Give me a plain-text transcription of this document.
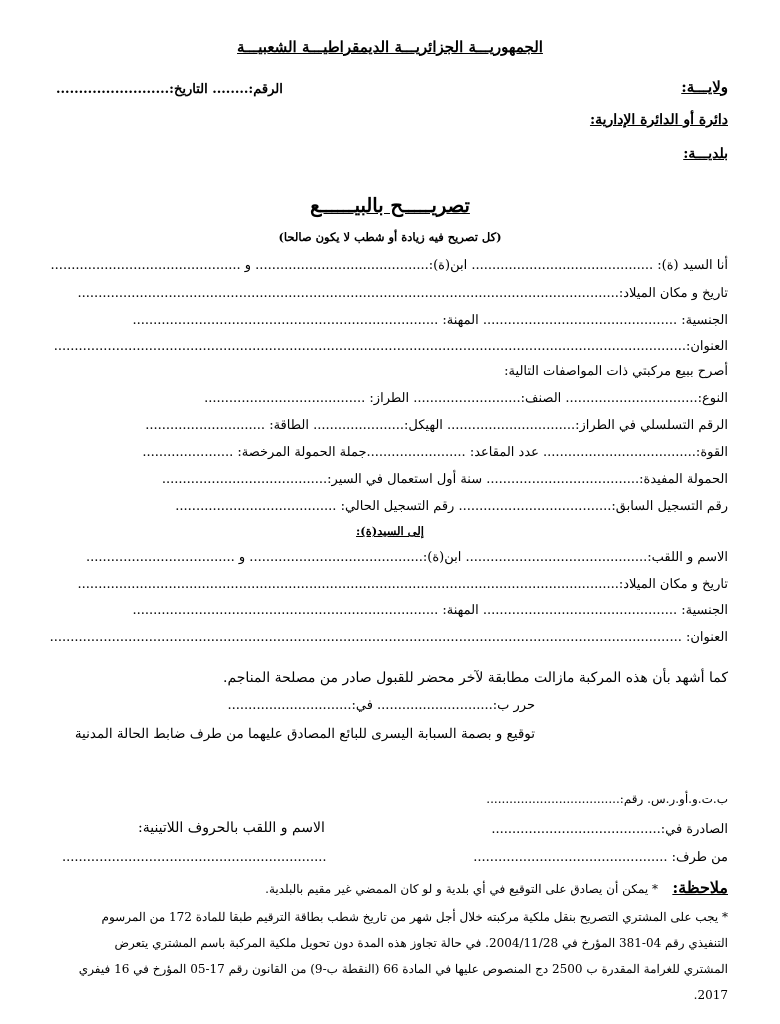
الجمهوريـــة الجزائريـــة الديمقراطيـــة الشعبيـــة
ولايـــة:
الرقم:........ التاريخ:.........................
دائرة أو الدائرة الإدارية:
بلديـــة:
تصريـــــح بالبيــــــع
(كل تصريح فيه زيادة أو شطب لا يكون صالحا)
أنا السيد (ة): ............................................ ابن(ة):.......................................... و ..............................................
تاريخ و مكان الميلاد:...................................................................................................................................
الجنسية: ............................................... المهنة: ..........................................................................
العنوان:.........................................................................................................................................................
أصرح ببيع مركبتي ذات المواصفات التالية:
النوع:................................ الصنف:.......................... الطراز: .......................................
الرقم التسلسلي في الطراز:............................... الهيكل:...................... الطاقة: .............................
القوة:..................................... عدد المقاعد: ........................جملة الحمولة المرخصة: ......................
الحمولة المفيدة:..................................... سنة أول استعمال في السير:........................................
رقم التسجيل السابق:..................................... رقم التسجيل الحالي: .......................................
إلى السيد(ة):
الاسم و اللقب:............................................ ابن(ة):.......................................... و ....................................
تاريخ و مكان الميلاد:...................................................................................................................................
الجنسية: ............................................... المهنة: ..........................................................................
العنوان: .........................................................................................................................................................
كما أشهد بأن هذه المركبة مازالت مطابقة لآخر محضر للقبول صادر من مصلحة المناجم.
حرر ب:............................ في:..............................
توقيع و بصمة السبابة اليسرى للبائع المصادق عليهما من طرف ضابط الحالة المدنية
ب.ت.و.أو.ر.س. رقم:...................................
الصادرة في:.........................................
من طرف: ...............................................
الاسم و اللقب بالحروف اللاتينية:
................................................................
ملاحظة:
* يمكن أن يصادق على التوقيع في أي بلدية و لو كان الممضي غير مقيم بالبلدية.
* يجب على المشتري التصريح بنقل ملكية مركبته خلال أجل شهر من تاريخ شطب بطاقة الترقيم طبقا للمادة 172 من المرسوم
التنفيذي رقم 04-381 المؤرخ في 2004/11/28. في حالة تجاوز هذه المدة دون تحويل ملكية المركبة باسم المشتري يتعرض
المشتري للغرامة المقدرة ب 2500 دج المنصوص عليها في المادة 66 (النقطة ب-9) من القانون رقم 17-05 المؤرخ في 16 فيفري
2017.
